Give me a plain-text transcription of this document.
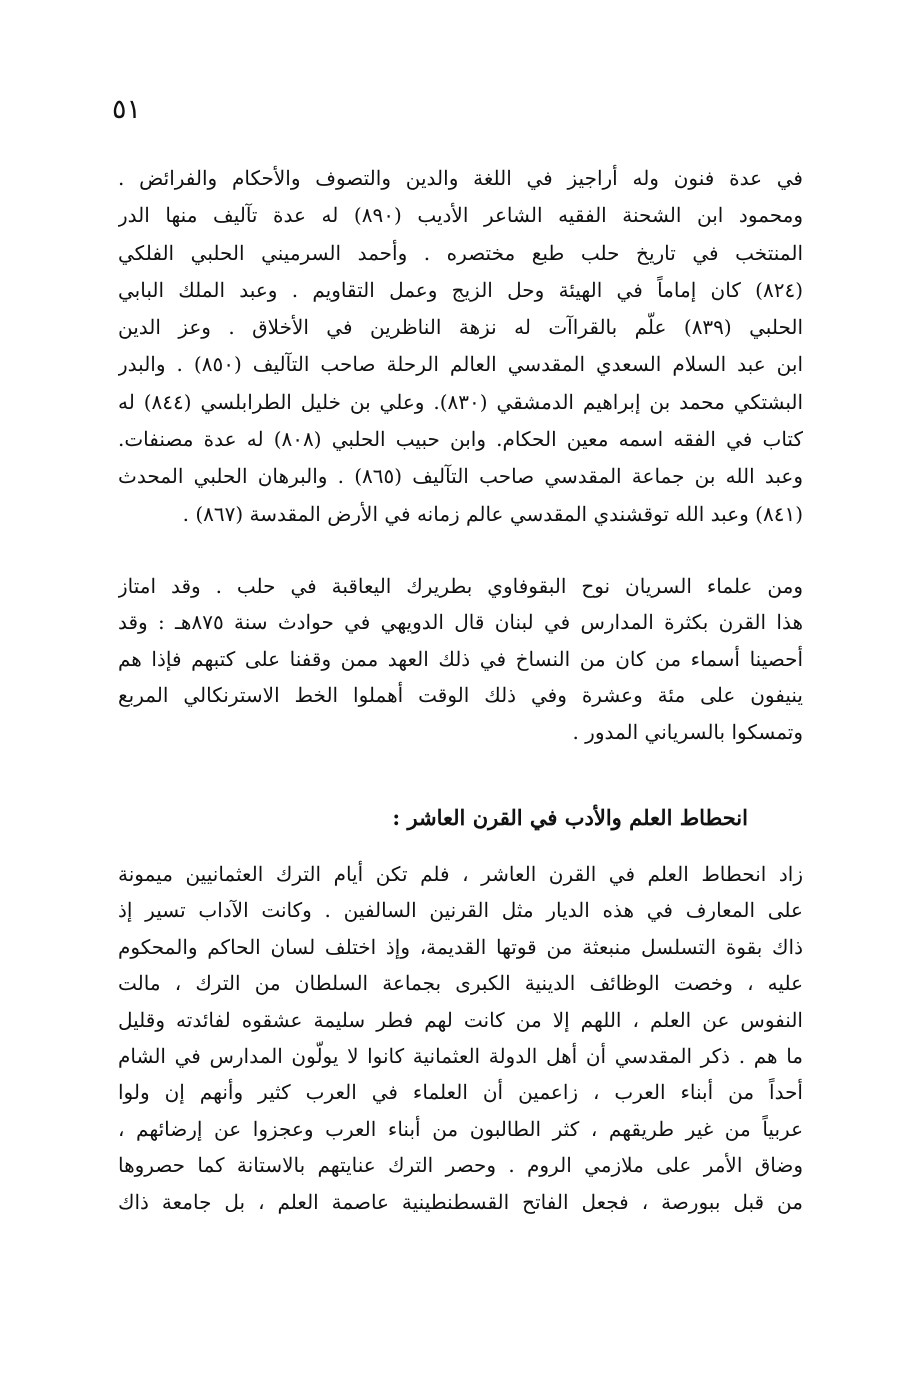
٥١
في عدة فنون وله أراجيز في اللغة والدين والتصوف والأحكام والفرائض .
ومحمود ابن الشحنة الفقيه الشاعر الأديب (٨٩٠) له عدة تآليف منها الدر
المنتخب في تاريخ حلب طبع مختصره . وأحمد السرميني الحلبي الفلكي
(٨٢٤) كان إماماً في الهيئة وحل الزيج وعمل التقاويم . وعبد الملك البابي
الحلبي (٨٣٩) علّم بالقراآت له نزهة الناظرين في الأخلاق . وعز الدين
ابن عبد السلام السعدي المقدسي العالم الرحلة صاحب التآليف (٨٥٠) . والبدر
البشتكي محمد بن إبراهيم الدمشقي (٨٣٠). وعلي بن خليل الطرابلسي (٨٤٤) له
كتاب في الفقه اسمه معين الحكام. وابن حبيب الحلبي (٨٠٨) له عدة مصنفات.
وعبد الله بن جماعة المقدسي صاحب التآليف (٨٦٥) . والبرهان الحلبي المحدث
(٨٤١) وعبد الله توقشندي المقدسي عالم زمانه في الأرض المقدسة (٨٦٧) .
ومن علماء السريان نوح البقوفاوي بطريرك اليعاقبة في حلب . وقد امتاز
هذا القرن بكثرة المدارس في لبنان قال الدويهي في حوادث سنة ٨٧٥هـ : وقد
أحصينا أسماء من كان من النساخ في ذلك العهد ممن وقفنا على كتبهم فإذا هم
ينيفون على مئة وعشرة وفي ذلك الوقت أهملوا الخط الاسترنكالي المربع
وتمسكوا بالسرياني المدور .
انحطاط العلم والأدب في القرن العاشر :
زاد انحطاط العلم في القرن العاشر ، فلم تكن أيام الترك العثمانيين ميمونة
على المعارف في هذه الديار مثل القرنين السالفين . وكانت الآداب تسير إذ
ذاك بقوة التسلسل منبعثة من قوتها القديمة، وإذ اختلف لسان الحاكم والمحكوم
عليه ، وخصت الوظائف الدينية الكبرى بجماعة السلطان من الترك ، مالت
النفوس عن العلم ، اللهم إلا من كانت لهم فطر سليمة عشقوه لفائدته وقليل
ما هم . ذكر المقدسي أن أهل الدولة العثمانية كانوا لا يولّون المدارس في الشام
أحداً من أبناء العرب ، زاعمين أن العلماء في العرب كثير وأنهم إن ولوا
عربياً من غير طريقهم ، كثر الطالبون من أبناء العرب وعجزوا عن إرضائهم ،
وضاق الأمر على ملازمي الروم . وحصر الترك عنايتهم بالاستانة كما حصروها
من قبل ببورصة ، فجعل الفاتح القسطنطينية عاصمة العلم ، بل جامعة ذاك
